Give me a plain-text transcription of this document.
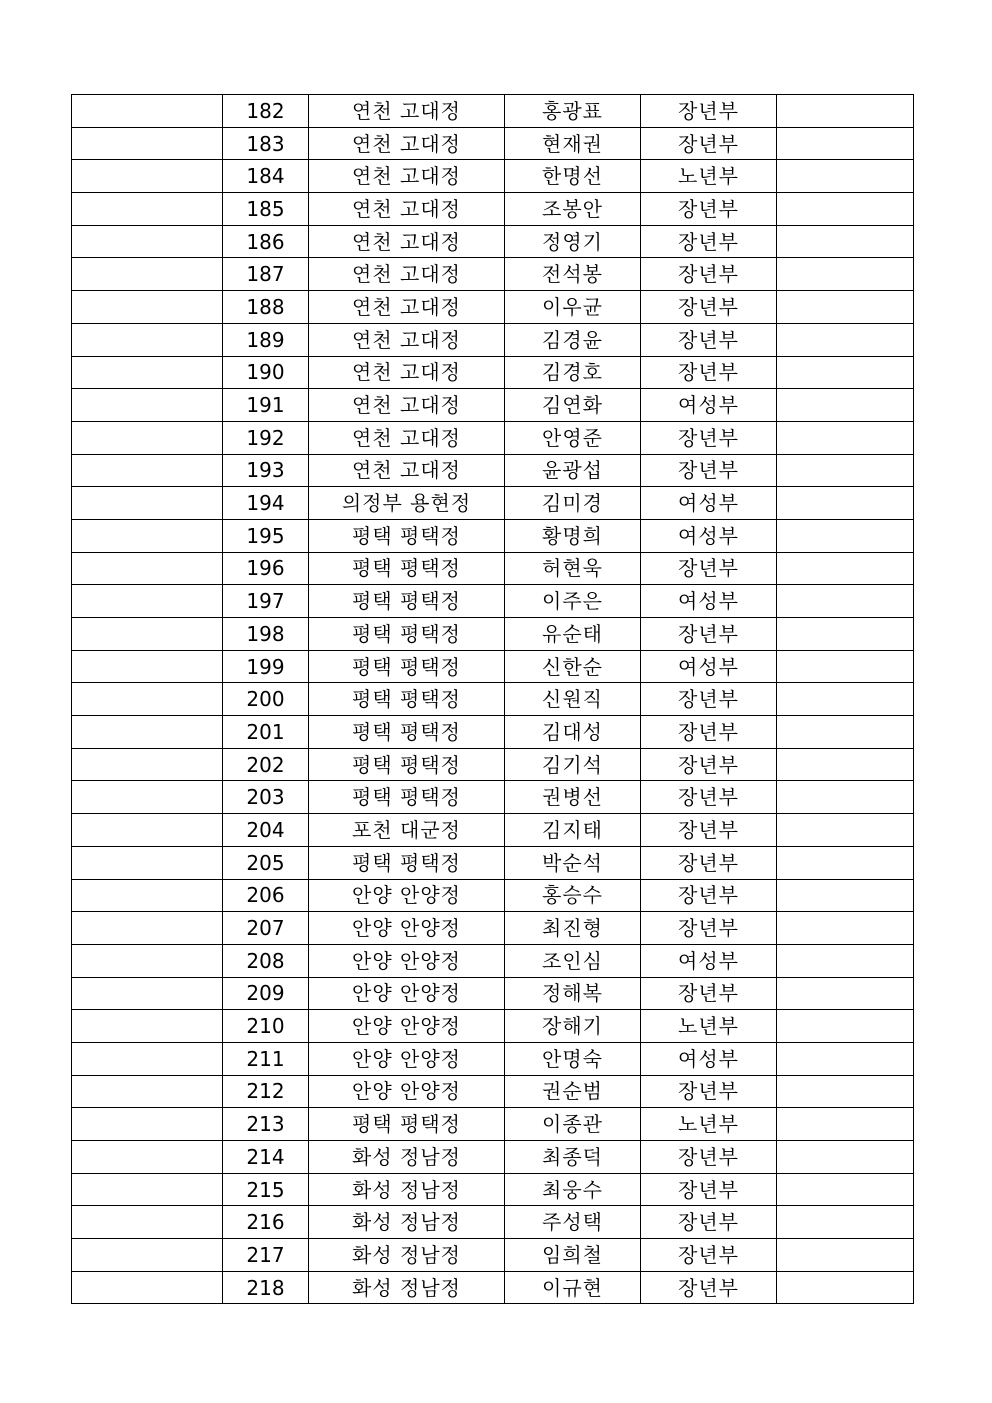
	182	연천 고대정	홍광표	장년부	
	183	연천 고대정	현재권	장년부	
	184	연천 고대정	한명선	노년부	
	185	연천 고대정	조봉안	장년부	
	186	연천 고대정	정영기	장년부	
	187	연천 고대정	전석봉	장년부	
	188	연천 고대정	이우균	장년부	
	189	연천 고대정	김경윤	장년부	
	190	연천 고대정	김경호	장년부	
	191	연천 고대정	김연화	여성부	
	192	연천 고대정	안영준	장년부	
	193	연천 고대정	윤광섭	장년부	
	194	의정부 용현정	김미경	여성부	
	195	평택 평택정	황명희	여성부	
	196	평택 평택정	허현욱	장년부	
	197	평택 평택정	이주은	여성부	
	198	평택 평택정	유순태	장년부	
	199	평택 평택정	신한순	여성부	
	200	평택 평택정	신원직	장년부	
	201	평택 평택정	김대성	장년부	
	202	평택 평택정	김기석	장년부	
	203	평택 평택정	권병선	장년부	
	204	포천 대군정	김지태	장년부	
	205	평택 평택정	박순석	장년부	
	206	안양 안양정	홍승수	장년부	
	207	안양 안양정	최진형	장년부	
	208	안양 안양정	조인심	여성부	
	209	안양 안양정	정해복	장년부	
	210	안양 안양정	장해기	노년부	
	211	안양 안양정	안명숙	여성부	
	212	안양 안양정	권순범	장년부	
	213	평택 평택정	이종관	노년부	
	214	화성 정남정	최종덕	장년부	
	215	화성 정남정	최웅수	장년부	
	216	화성 정남정	주성택	장년부	
	217	화성 정남정	임희철	장년부	
	218	화성 정남정	이규현	장년부	
